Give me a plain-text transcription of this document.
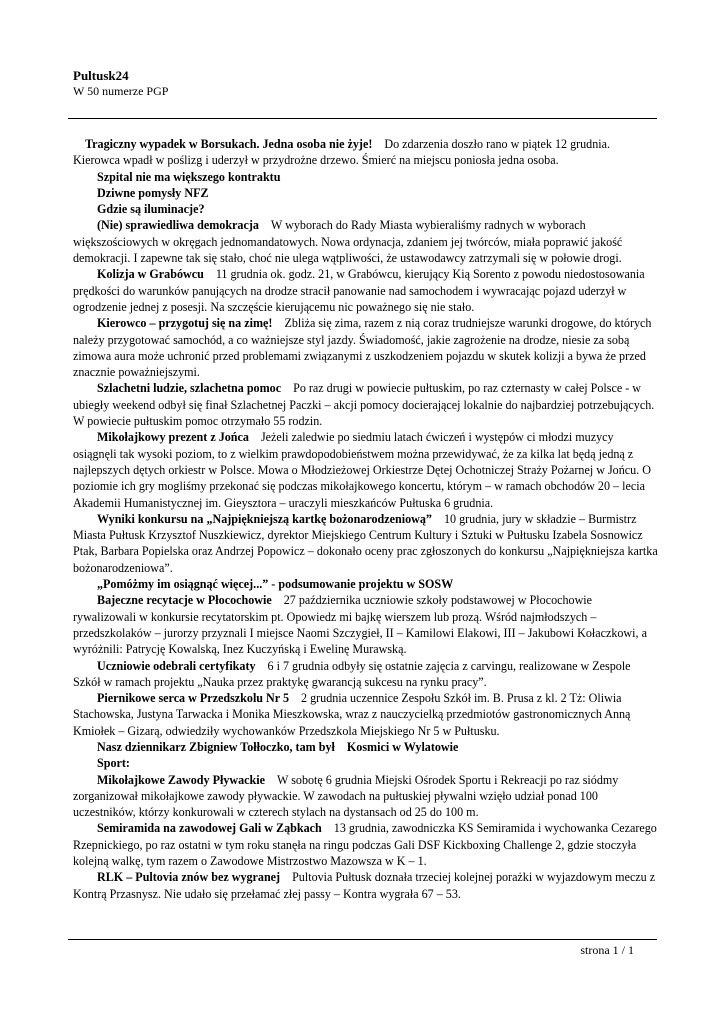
Pultusk24
W 50 numerze PGP

Tragiczny wypadek w Borsukach. Jedna osoba nie żyje! Do zdarzenia doszło rano w piątek 12 grudnia. Kierowca wpadł w poślizg i uderzył w przydrożne drzewo. Śmierć na miejscu poniosła jedna osoba.

Szpital nie ma większego kontraktu

Dziwne pomysły NFZ

Gdzie są iluminacje?

(Nie) sprawiedliwa demokracja W wyborach do Rady Miasta wybieraliśmy radnych w wyborach większościowych w okręgach jednomandatowych. Nowa ordynacja, zdaniem jej twórców, miała poprawić jakość demokracji. I zapewne tak się stało, choć nie ulega wątpliwości, że ustawodawcy zatrzymali się w połowie drogi.

Kolizja w Grabówcu 11 grudnia ok. godz. 21, w Grabówcu, kierujący Kią Sorento z powodu niedostosowania prędkości do warunków panujących na drodze stracił panowanie nad samochodem i wywracając pojazd uderzył w ogrodzenie jednej z posesji. Na szczęście kierującemu nic poważnego się nie stało.

Kierowco – przygotuj się na zimę! Zbliża się zima, razem z nią coraz trudniejsze warunki drogowe, do których należy przygotować samochód, a co ważniejsze styl jazdy. Świadomość, jakie zagrożenie na drodze, niesie za sobą zimowa aura może uchronić przed problemami związanymi z uszkodzeniem pojazdu w skutek kolizji a bywa że przed znacznie poważniejszymi.

Szlachetni ludzie, szlachetna pomoc Po raz drugi w powiecie pułtuskim, po raz czternasty w całej Polsce - w ubiegły weekend odbył się finał Szlachetnej Paczki – akcji pomocy docierającej lokalnie do najbardziej potrzebujących. W powiecie pułtuskim pomoc otrzymało 55 rodzin.

Mikołajkowy prezent z Jońca Jeżeli zaledwie po siedmiu latach ćwiczeń i występów ci młodzi muzycy osiągnęli tak wysoki poziom, to z wielkim prawdopodobieństwem można przewidywać, że za kilka lat będą jedną z najlepszych dętych orkiestr w Polsce. Mowa o Młodzieżowej Orkiestrze Dętej Ochotniczej Straży Pożarnej w Jońcu. O poziomie ich gry mogliśmy przekonać się podczas mikołajkowego koncertu, którym – w ramach obchodów 20 – lecia Akademii Humanistycznej im. Gieysztora – uraczyli mieszkańców Pułtuska 6 grudnia.

Wyniki konkursu na „Najpiękniejszą kartkę bożonarodzeniową” 10 grudnia, jury w składzie – Burmistrz Miasta Pułtusk Krzysztof Nuszkiewicz, dyrektor Miejskiego Centrum Kultury i Sztuki w Pułtusku Izabela Sosnowicz Ptak, Barbara Popielska oraz Andrzej Popowicz – dokonało oceny prac zgłoszonych do konkursu „Najpiękniejsza kartka bożonarodzeniowa”.

„Pomóżmy im osiągnąć więcej...” - podsumowanie projektu w SOSW

Bajeczne recytacje w Płocochowie 27 października uczniowie szkoły podstawowej w Płocochowie rywalizowali w konkursie recytatorskim pt. Opowiedz mi bajkę wierszem lub prozą. Wśród najmłodszych – przedszkolaków – jurorzy przyznali I miejsce Naomi Szczygieł, II – Kamilowi Elakowi, III – Jakubowi Kołaczkowi, a wyróżnili: Patrycję Kowalską, Inez Kuczyńską i Ewelinę Murawską.

Uczniowie odebrali certyfikaty 6 i 7 grudnia odbyły się ostatnie zajęcia z carvingu, realizowane w Zespole Szkół w ramach projektu „Nauka przez praktykę gwarancją sukcesu na rynku pracy”.

Piernikowe serca w Przedszkolu Nr 5 2 grudnia uczennice Zespołu Szkół im. B. Prusa z kl. 2 Tż: Oliwia Stachowska, Justyna Tarwacka i Monika Mieszkowska, wraz z nauczycielką przedmiotów gastronomicznych Anną Kmiołek – Gizarą, odwiedziły wychowanków Przedszkola Miejskiego Nr 5 w Pułtusku.

Nasz dziennikarz Zbigniew Tołłoczko, tam był Kosmici w Wylatowie

Sport:

Mikołajkowe Zawody Pływackie W sobotę 6 grudnia Miejski Ośrodek Sportu i Rekreacji po raz siódmy zorganizował mikołajkowe zawody pływackie. W zawodach na pułtuskiej pływalni wzięło udział ponad 100 uczestników, którzy konkurowali w czterech stylach na dystansach od 25 do 100 m.

Semiramida na zawodowej Gali w Ząbkach 13 grudnia, zawodniczka KS Semiramida i wychowanka Cezarego Rzepnickiego, po raz ostatni w tym roku stanęła na ringu podczas Gali DSF Kickboxing Challenge 2, gdzie stoczyła kolejną walkę, tym razem o Zawodowe Mistrzostwo Mazowsza w K – 1.

RLK – Pultovia znów bez wygranej Pultovia Pułtusk doznała trzeciej kolejnej porażki w wyjazdowym meczu z Kontrą Przasnysz. Nie udało się przełamać złej passy – Kontra wygrała 67 – 53.

strona 1 / 1
